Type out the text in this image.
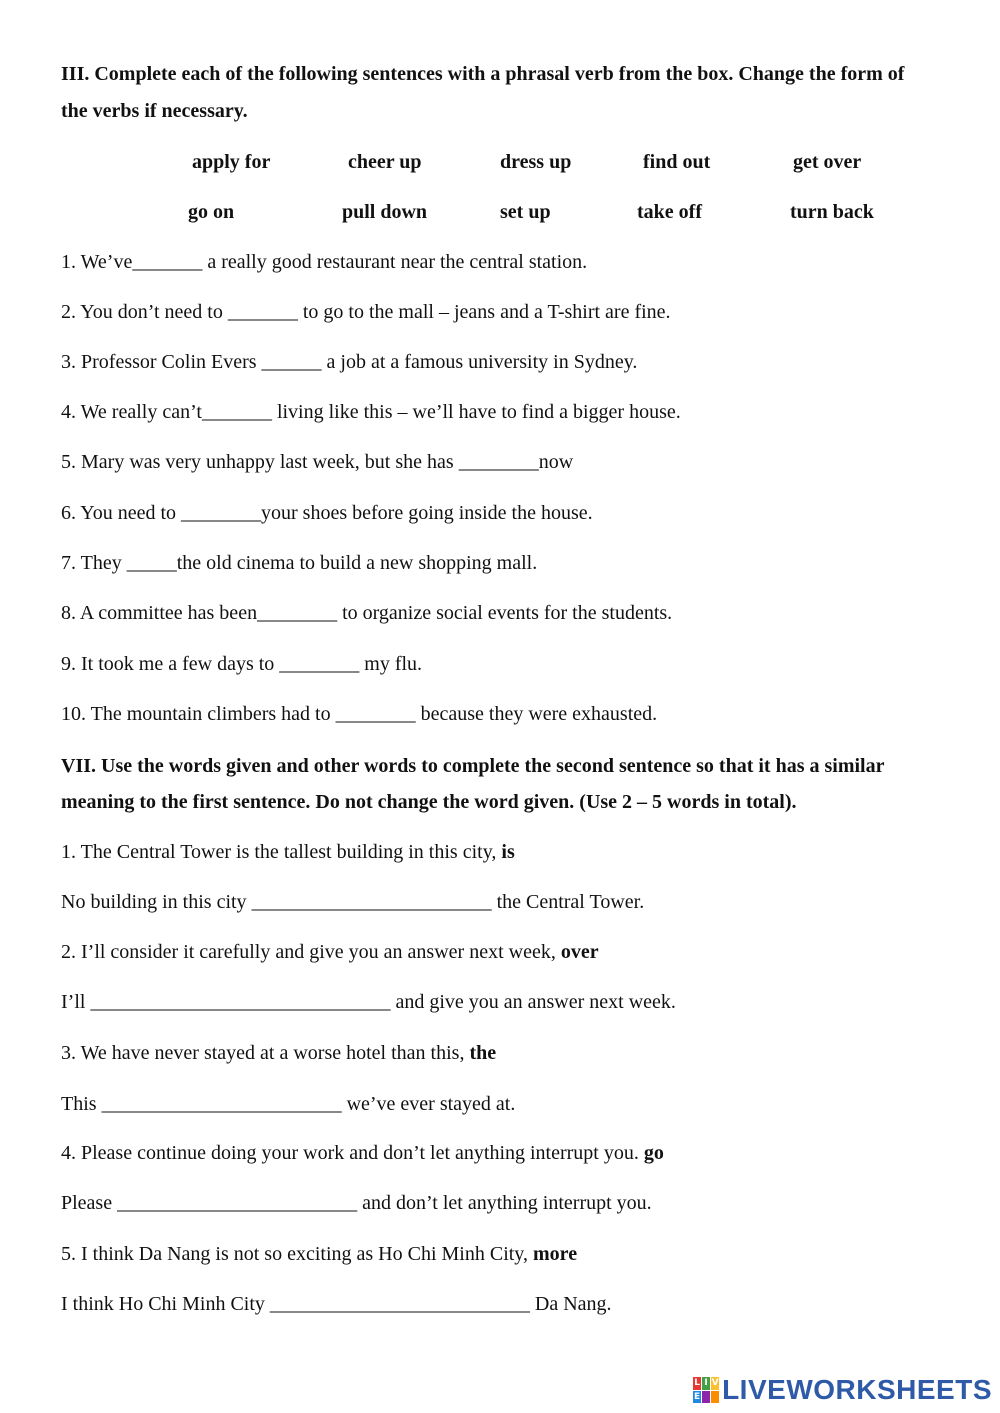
III. Complete each of the following sentences with a phrasal verb from the box. Change the form of
the verbs if necessary.
apply for	cheer up	dress up	find out	get over
go on	pull down	set up	take off	turn back
1. We’ve_______ a really good restaurant near the central station.
2. You don’t need to _______ to go to the mall – jeans and a T-shirt are fine.
3. Professor Colin Evers ______ a job at a famous university in Sydney.
4. We really can’t_______ living like this – we’ll have to find a bigger house.
5. Mary was very unhappy last week, but she has ________now
6. You need to ________your shoes before going inside the house.
7. They _____the old cinema to build a new shopping mall.
8. A committee has been________ to organize social events for the students.
9. It took me a few days to ________ my flu.
10. The mountain climbers had to ________ because they were exhausted.
VII. Use the words given and other words to complete the second sentence so that it has a similar
meaning to the first sentence. Do not change the word given. (Use 2 – 5 words in total).
1. The Central Tower is the tallest building in this city, is
No building in this city ________________________ the Central Tower.
2. I’ll consider it carefully and give you an answer next week, over
I’ll ______________________________ and give you an answer next week.
3. We have never stayed at a worse hotel than this, the
This ________________________ we’ve ever stayed at.
4. Please continue doing your work and don’t let anything interrupt you. go
Please ________________________ and don’t let anything interrupt you.
5. I think Da Nang is not so exciting as Ho Chi Minh City, more
I think Ho Chi Minh City __________________________ Da Nang.
L I V
E LIVEWORKSHEETS
